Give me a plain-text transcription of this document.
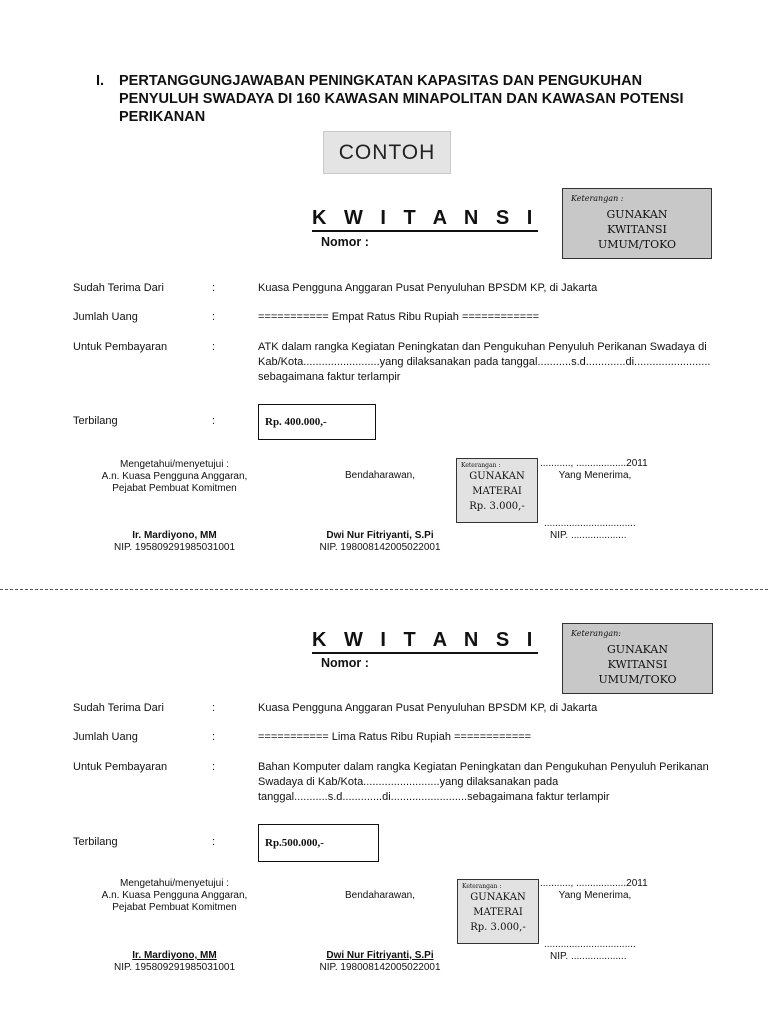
I. PERTANGGUNGJAWABAN PENINGKATAN KAPASITAS DAN PENGUKUHAN PENYULUH SWADAYA DI 160 KAWASAN MINAPOLITAN DAN KAWASAN POTENSI PERIKANAN
CONTOH
K W I T A N S I
Nomor :
Keterangan :
GUNAKAN
KWITANSI
UMUM/TOKO
Sudah Terima Dari	:	Kuasa Pengguna Anggaran Pusat Penyuluhan BPSDM KP, di Jakarta
Jumlah Uang	:	=========== Empat Ratus Ribu Rupiah ============
Untuk Pembayaran	:	ATK dalam rangka Kegiatan Peningkatan dan Pengukuhan Penyuluh Perikanan Swadaya di
Kab/Kota.........................yang dilaksanakan pada tanggal...........s.d.............di.........................
sebagaimana faktur terlampir
Terbilang	:	Rp. 400.000,-
Mengetahui/menyetujui :
A.n. Kuasa Pengguna Anggaran,
Pejabat Pembuat Komitmen
Ir. Mardiyono, MM
NIP. 195809291985031001
Bendaharawan,
Dwi Nur Fitriyanti, S.Pi
NIP. 198008142005022001
Keterangan :
GUNAKAN
MATERAI
Rp. 3.000,-
..........., ..................2011
Yang Menerima,
.................................
NIP. ....................
K W I T A N S I
Nomor :
Keterangan:
GUNAKAN
KWITANSI
UMUM/TOKO
Sudah Terima Dari	:	Kuasa Pengguna Anggaran Pusat Penyuluhan BPSDM KP, di Jakarta
Jumlah Uang	:	=========== Lima Ratus Ribu Rupiah ============
Untuk Pembayaran	:	Bahan Komputer dalam rangka Kegiatan Peningkatan dan Pengukuhan Penyuluh Perikanan
Swadaya di Kab/Kota.........................yang dilaksanakan pada
tanggal...........s.d.............di.........................sebagaimana faktur terlampir
Terbilang	:	Rp.500.000,-
Mengetahui/menyetujui :
A.n. Kuasa Pengguna Anggaran,
Pejabat Pembuat Komitmen
Ir. Mardiyono, MM
NIP. 195809291985031001
Bendaharawan,
Dwi Nur Fitriyanti, S.Pi
NIP. 198008142005022001
Keterangan :
GUNAKAN
MATERAI
Rp. 3.000,-
..........., ..................2011
Yang Menerima,
.................................
NIP. ....................
